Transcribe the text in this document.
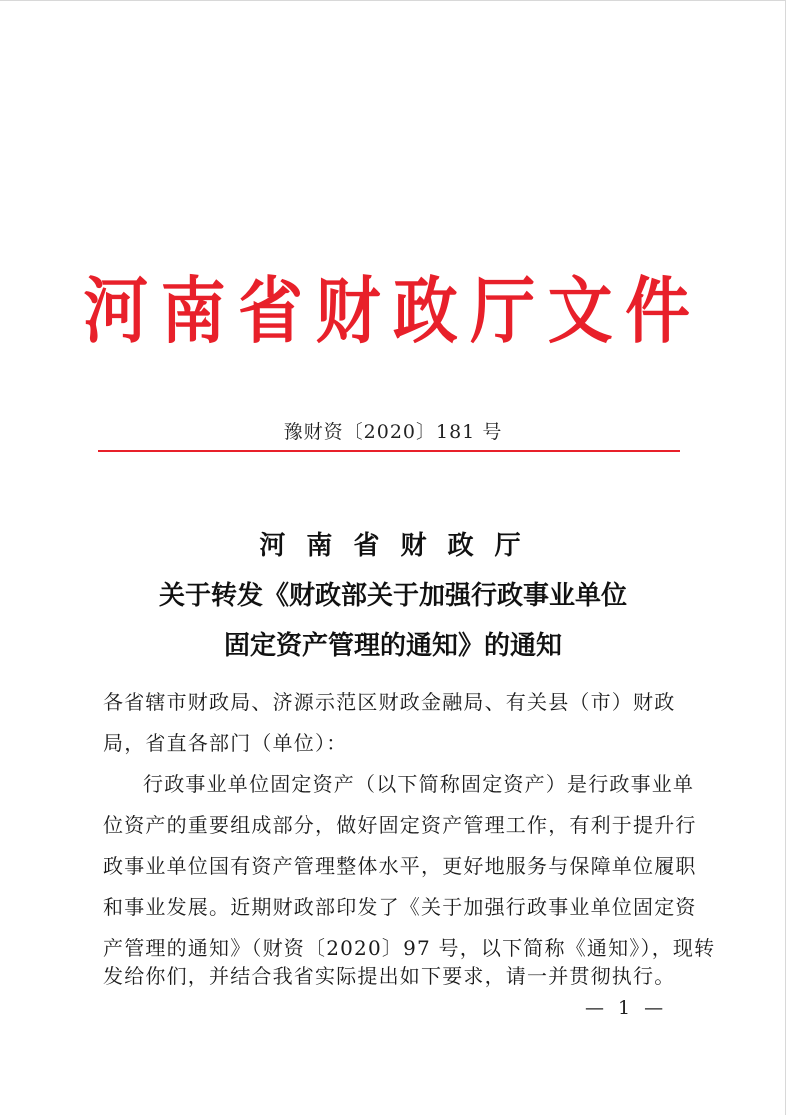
河南省财政厅文件
豫财资〔2020〕181 号
河 南 省 财 政 厅
关于转发《财政部关于加强行政事业单位
固定资产管理的通知》的通知
各省辖市财政局、济源示范区财政金融局、有关县（市）财政
局，省直各部门（单位）：
行政事业单位固定资产（以下简称固定资产）是行政事业单
位资产的重要组成部分，做好固定资产管理工作，有利于提升行
政事业单位国有资产管理整体水平，更好地服务与保障单位履职
和事业发展。近期财政部印发了《关于加强行政事业单位固定资
产管理的通知》（财资〔2020〕97 号，以下简称《通知》），现转
发给你们，并结合我省实际提出如下要求，请一并贯彻执行。
— 1 —
